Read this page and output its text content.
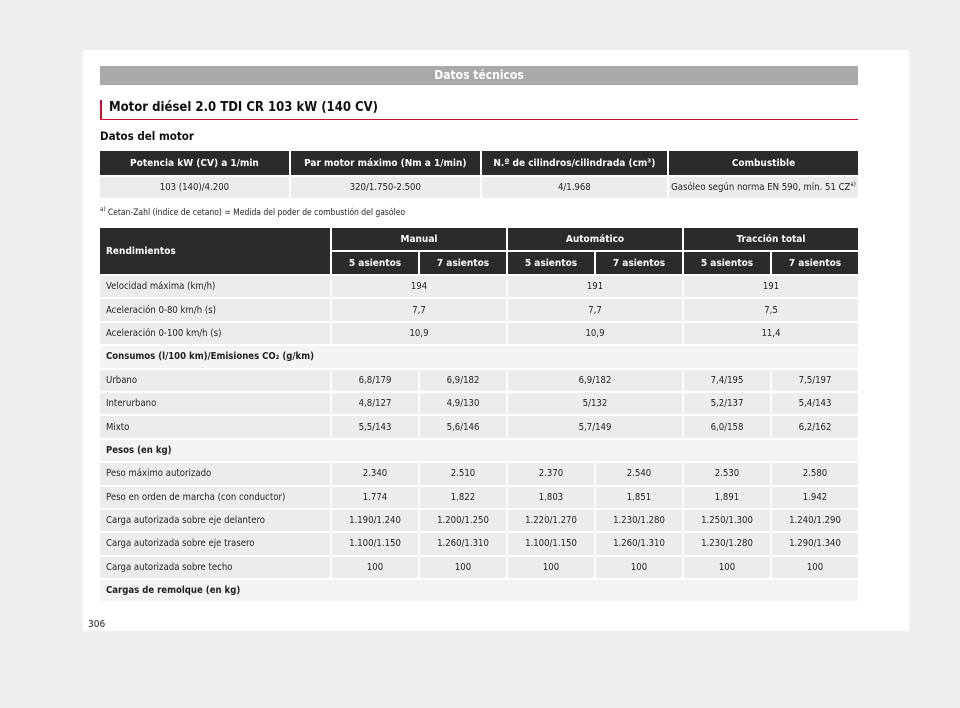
Datos técnicos
Motor diésel 2.0 TDI CR 103 kW (140 CV)
Datos del motor
Potencia kW (CV) a 1/min	Par motor máximo (Nm a 1/min)	N.º de cilindros/cilindrada (cm³)	Combustible
103 (140)/4.200	320/1.750-2.500	4/1.968	Gasóleo según norma EN 590, mín. 51 CZ$^{a)}$
$^{a)}$ Cetan-Zahl (índice de cetano) = Medida del poder de combustión del gasóleo
Rendimientos	Manual		Automático		Tracción total	
	5 asientos	7 asientos	5 asientos	7 asientos	5 asientos	7 asientos
Velocidad máxima (km/h)	194		191		191	
Aceleración 0-80 km/h (s)	7,7		7,7		7,5	
Aceleración 0-100 km/h (s)	10,9		10,9		11,4	
Consumos (l/100 km)/Emisiones CO₂ (g/km)						
Urbano	6,8/179	6,9/182	6,9/182		7,4/195	7,5/197
Interurbano	4,8/127	4,9/130	5/132		5,2/137	5,4/143
Mixto	5,5/143	5,6/146	5,7/149		6,0/158	6,2/162
Pesos (en kg)						
Peso máximo autorizado	2.340	2.510	2.370	2.540	2.530	2.580
Peso en orden de marcha (con conductor)	1.774	1.822	1.803	1.851	1.891	1.942
Carga autorizada sobre eje delantero	1.190/1.240	1.200/1.250	1.220/1.270	1.230/1.280	1.250/1.300	1.240/1.290
Carga autorizada sobre eje trasero	1.100/1.150	1.260/1.310	1.100/1.150	1.260/1.310	1.230/1.280	1.290/1.340
Carga autorizada sobre techo	100	100	100	100	100	100
Cargas de remolque (en kg)						
306
